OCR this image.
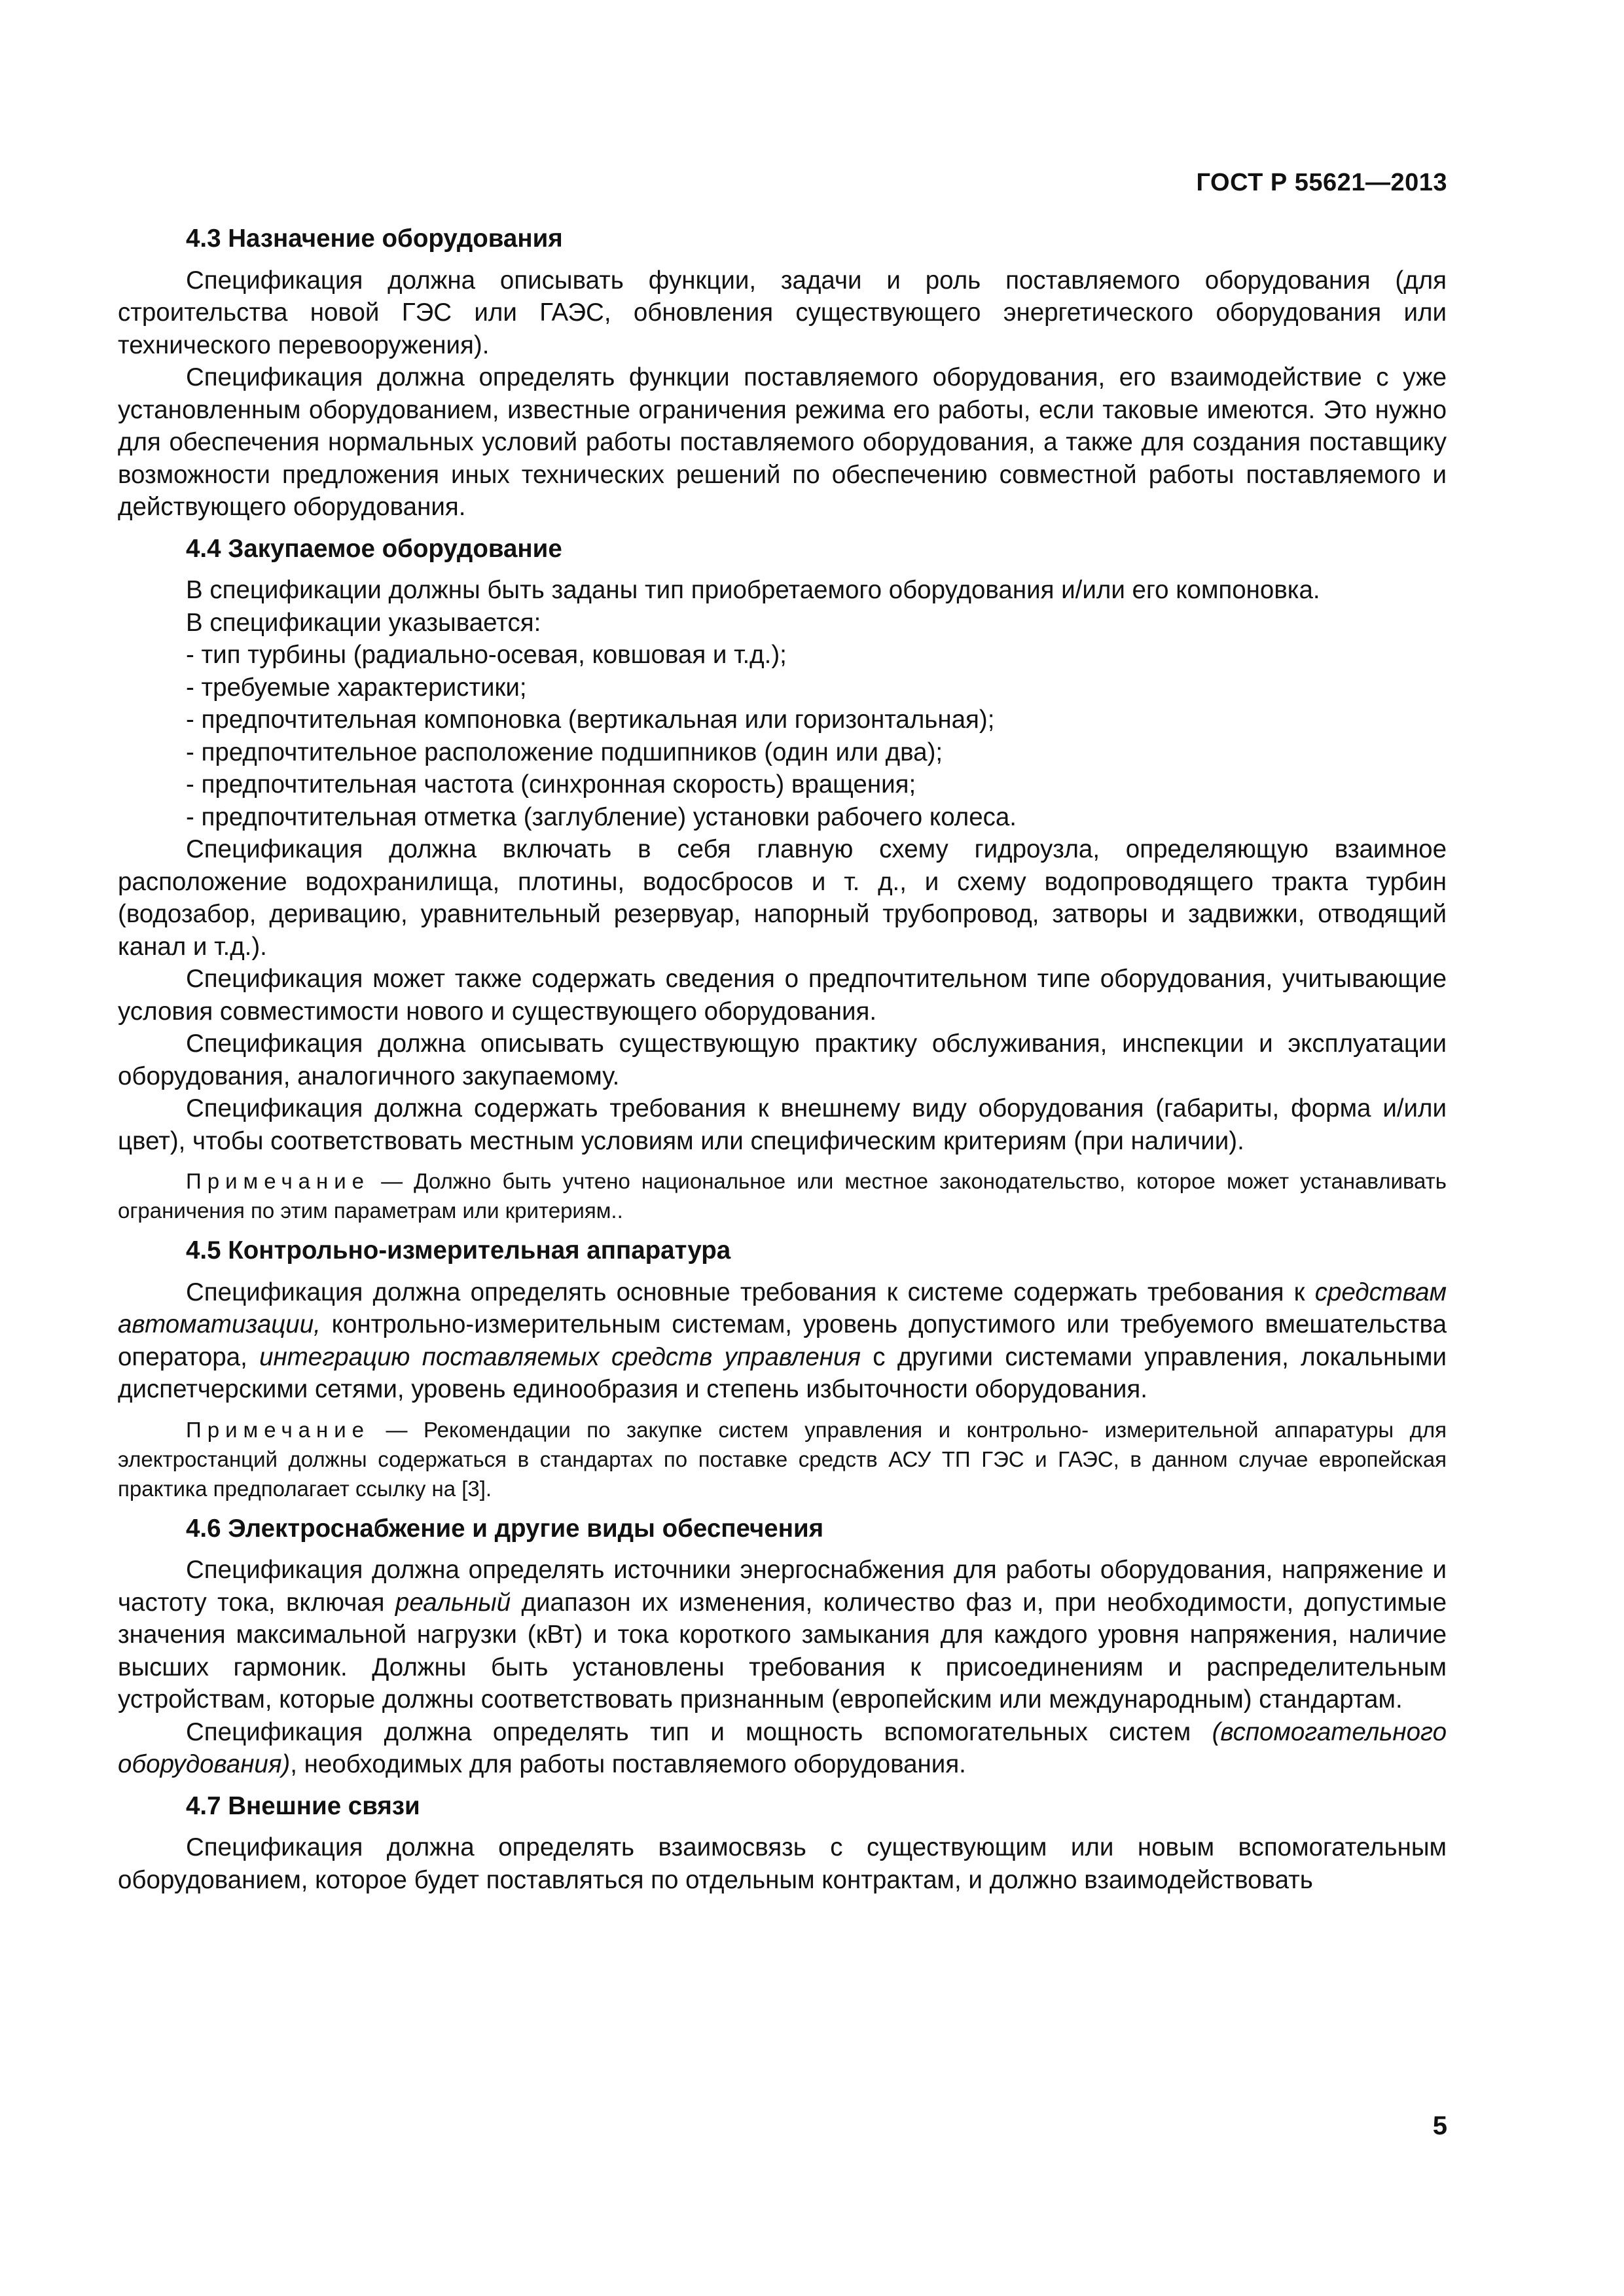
ГОСТ Р 55621—2013
4.3 Назначение оборудования

Спецификация должна описывать функции, задачи и роль поставляемого оборудования (для строительства новой ГЭС или ГАЭС, обновления существующего энергетического оборудования или технического перевооружения).

Спецификация должна определять функции поставляемого оборудования, его взаимодействие с уже установленным оборудованием, известные ограничения режима его работы, если таковые имеются. Это нужно для обеспечения нормальных условий работы поставляемого оборудования, а также для создания поставщику возможности предложения иных технических решений по обеспечению совместной работы поставляемого и действующего оборудования.

4.4 Закупаемое оборудование

В спецификации должны быть заданы тип приобретаемого оборудования и/или его компоновка.

В спецификации указывается:

- тип турбины (радиально-осевая, ковшовая и т.д.);
- требуемые характеристики;
- предпочтительная компоновка (вертикальная или горизонтальная);
- предпочтительное расположение подшипников (один или два);
- предпочтительная частота (синхронная скорость) вращения;
- предпочтительная отметка (заглубление) установки рабочего колеса.

Спецификация должна включать в себя главную схему гидроузла, определяющую взаимное расположение водохранилища, плотины, водосбросов и т. д., и схему водопроводящего тракта турбин (водозабор, деривацию, уравнительный резервуар, напорный трубопровод, затворы и задвижки, отводящий канал и т.д.).

Спецификация может также содержать сведения о предпочтительном типе оборудования, учитывающие условия совместимости нового и существующего оборудования.

Спецификация должна описывать существующую практику обслуживания, инспекции и эксплуатации оборудования, аналогичного закупаемому.

Спецификация должна содержать требования к внешнему виду оборудования (габариты, форма и/или цвет), чтобы соответствовать местным условиям или специфическим критериям (при наличии).

Примечание — Должно быть учтено национальное или местное законодательство, которое может устанавливать ограничения по этим параметрам или критериям..
4.5 Контрольно-измерительная аппаратура

Спецификация должна определять основные требования к системе содержать требования к средствам автоматизации, контрольно-измерительным системам, уровень допустимого или требуемого вмешательства оператора, интеграцию поставляемых средств управления с другими системами управления, локальными диспетчерскими сетями, уровень единообразия и степень избыточности оборудования.

Примечание — Рекомендации по закупке систем управления и контрольно- измерительной аппаратуры для электростанций должны содержаться в стандартах по поставке средств АСУ ТП ГЭС и ГАЭС, в данном случае европейская практика предполагает ссылку на [3].
4.6 Электроснабжение и другие виды обеспечения

Спецификация должна определять источники энергоснабжения для работы оборудования, напряжение и частоту тока, включая реальный диапазон их изменения, количество фаз и, при необходимости, допустимые значения максимальной нагрузки (кВт) и тока короткого замыкания для каждого уровня напряжения, наличие высших гармоник. Должны быть установлены требования к присоединениям и распределительным устройствам, которые должны соответствовать признанным (европейским или международным) стандартам.

Спецификация должна определять тип и мощность вспомогательных систем (вспомогательного оборудования), необходимых для работы поставляемого оборудования.

4.7 Внешние связи

Спецификация должна определять взаимосвязь с существующим или новым вспомогательным оборудованием, которое будет поставляться по отдельным контрактам, и должно взаимодействовать

5
